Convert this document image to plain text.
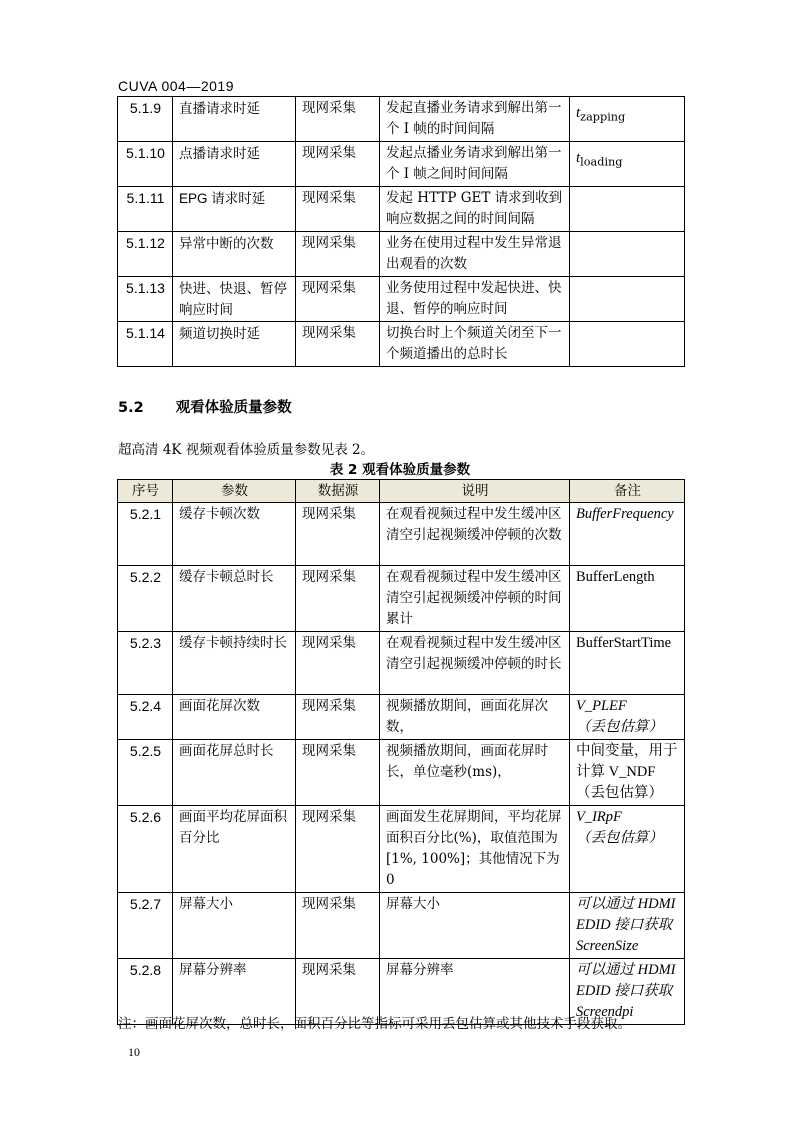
CUVA 004—2019
5.1.9	直播请求时延	现网采集	发起直播业务请求到解出第一个 I 帧的时间间隔	$t_{zapping}$
5.1.10	点播请求时延	现网采集	发起点播业务请求到解出第一个 I 帧之间时间间隔	$t_{loading}$
5.1.11	EPG 请求时延	现网采集	发起 HTTP GET 请求到收到响应数据之间的时间间隔	
5.1.12	异常中断的次数	现网采集	业务在使用过程中发生异常退出观看的次数	
5.1.13	快进、快退、暂停响应时间	现网采集	业务使用过程中发起快进、快退、暂停的响应时间	
5.1.14	频道切换时延	现网采集	切换台时上个频道关闭至下一个频道播出的总时长	
5.2 观看体验质量参数
超高清 4K 视频观看体验质量参数见表 2。
表 2 观看体验质量参数
序号	参数	数据源	说明	备注
5.2.1	缓存卡顿次数	现网采集	在观看视频过程中发生缓冲区清空引起视频缓冲停顿的次数	BufferFrequency

5.2.2	缓存卡顿总时长	现网采集	在观看视频过程中发生缓冲区清空引起视频缓冲停顿的时间累计	BufferLength

5.2.3	缓存卡顿持续时长	现网采集	在观看视频过程中发生缓冲区清空引起视频缓冲停顿的时长	BufferStartTime

5.2.4	画面花屏次数	现网采集	视频播放期间，画面花屏次数，	V_PLEF
（丢包估算）

5.2.5	画面花屏总时长	现网采集	视频播放期间，画面花屏时长，单位毫秒(ms)，	中间变量，用于
计算 V_NDF
（丢包估算）

5.2.6	画面平均花屏面积百分比	现网采集	画面发生花屏期间，平均花屏面积百分比(%)，取值范围为[1%, 100%]；其他情况下为 0	V_IRpF
（丢包估算）

5.2.7	屏幕大小	现网采集	屏幕大小	可以通过 HDMI
EDID 接口获取
ScreenSize

5.2.8	屏幕分辨率	现网采集	屏幕分辨率	可以通过 HDMI
EDID 接口获取
Screendpi
注：画面花屏次数，总时长，面积百分比等指标可采用丢包估算或其他技术手段获取。
10
